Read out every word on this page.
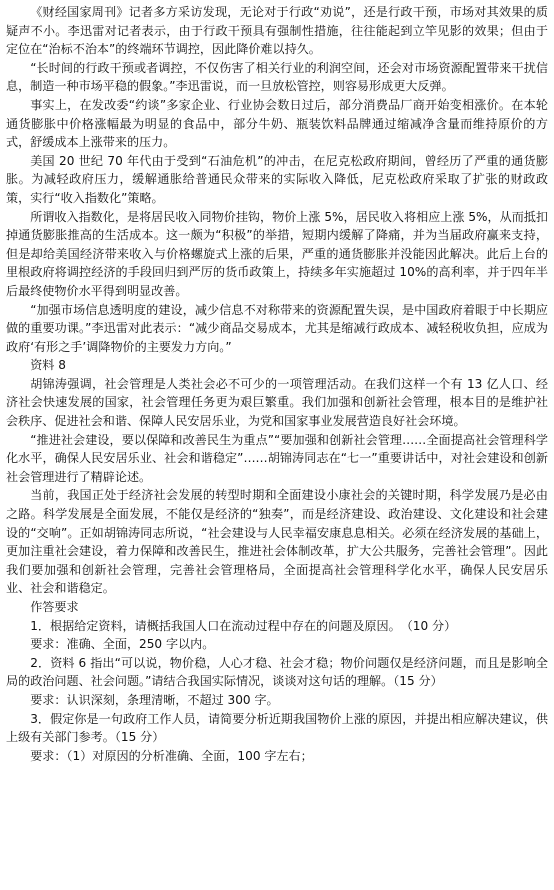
《财经国家周刊》记者多方采访发现，无论对于行政“劝说”，还是行政干预，市场对其效果的质疑声不小。李迅雷对记者表示，由于行政干预具有强制性措施，往往能起到立竿见影的效果；但由于定位在“治标不治本”的终端环节调控，因此降价难以持久。

“长时间的行政干预或者调控，不仅伤害了相关行业的利润空间，还会对市场资源配置带来干扰信息，制造一种市场平稳的假象。”李迅雷说，而一旦放松管控，则容易形成更大反弹。

事实上，在发改委“约谈”多家企业、行业协会数日过后，部分消费品厂商开始变相涨价。在本轮通货膨胀中价格涨幅最为明显的食品中，部分牛奶、瓶装饮料品牌通过缩减净含量而维持原价的方式，舒缓成本上涨带来的压力。

美国 20 世纪 70 年代由于受到“石油危机”的冲击，在尼克松政府期间，曾经历了严重的通货膨胀。为减轻政府压力，缓解通胀给普通民众带来的实际收入降低，尼克松政府采取了扩张的财政政策，实行“收入指数化”策略。

所谓收入指数化，是将居民收入同物价挂钩，物价上涨 5%，居民收入将相应上涨 5%，从而抵扣掉通货膨胀推高的生活成本。这一颇为“积极”的举措，短期内缓解了降痛，并为当届政府赢来支持，但是却给美国经济带来收入与价格螺旋式上涨的后果，严重的通货膨胀并没能因此解决。此后上台的里根政府将调控经济的手段回归到严厉的货币政策上，持续多年实施超过 10%的高利率，并于四年半后最终使物价水平得到明显改善。

“加强市场信息透明度的建设，减少信息不对称带来的资源配置失误，是中国政府着眼于中长期应做的重要功课。”李迅雷对此表示：“减少商品交易成本，尤其是缩减行政成本、减轻税收负担，应成为政府‘有形之手’调降物价的主要发力方向。”

资料 8

胡锦涛强调，社会管理是人类社会必不可少的一项管理活动。在我们这样一个有 13 亿人口、经济社会快速发展的国家，社会管理任务更为艰巨繁重。我们加强和创新社会管理，根本目的是维护社会秩序、促进社会和谐、保障人民安居乐业，为党和国家事业发展营造良好社会环境。

“推进社会建设，要以保障和改善民生为重点”“要加强和创新社会管理……全面提高社会管理科学化水平，确保人民安居乐业、社会和谐稳定”……胡锦涛同志在“七一”重要讲话中，对社会建设和创新社会管理进行了精辟论述。

当前，我国正处于经济社会发展的转型时期和全面建设小康社会的关键时期，科学发展乃是必由之路。科学发展是全面发展，不能仅是经济的“独奏”，而是经济建设、政治建设、文化建设和社会建设的“交响”。正如胡锦涛同志所说，“社会建设与人民幸福安康息息相关。必须在经济发展的基础上，更加注重社会建设，着力保障和改善民生，推进社会体制改革，扩大公共服务，完善社会管理”。因此我们要加强和创新社会管理，完善社会管理格局，全面提高社会管理科学化水平，确保人民安居乐业、社会和谐稳定。

作答要求

1．根据给定资料，请概括我国人口在流动过程中存在的问题及原因。　（10 分）

要求：准确、全面，250 字以内。

2．资料 6 指出“可以说，物价稳，人心才稳、社会才稳；物价问题仅是经济问题，而且是影响全局的政治问题、社会问题。”请结合我国实际情况，谈谈对这句话的理解。（15 分）

要求：认识深刻，条理清晰，不超过 300 字。

3．假定你是一句政府工作人员，请简要分析近期我国物价上涨的原因，并提出相应解决建议，供上级有关部门参考。（15 分）

要求：（1）对原因的分析准确、全面，100 字左右；
